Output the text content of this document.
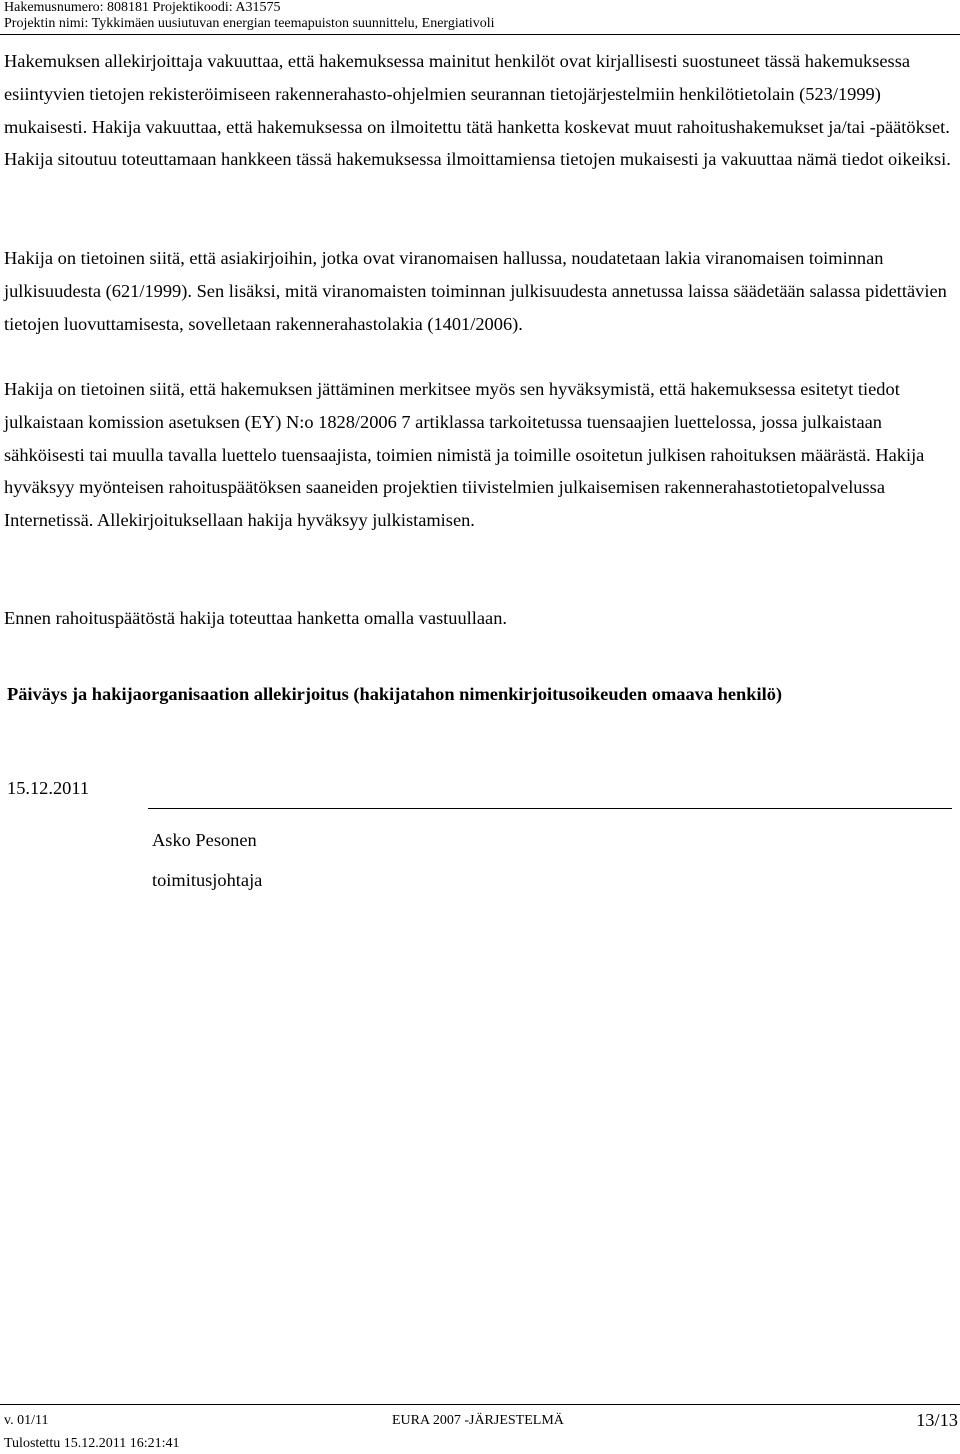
Hakemusnumero: 808181 Projektikoodi: A31575
Projektin nimi: Tykkimäen uusiutuvan energian teemapuiston suunnittelu, Energiativoli
Hakemuksen allekirjoittaja vakuuttaa, että hakemuksessa mainitut henkilöt ovat kirjallisesti suostuneet tässä hakemuksessa esiintyvien tietojen rekisteröimiseen rakennerahasto-ohjelmien seurannan tietojärjestelmiin henkilötietolain (523/1999) mukaisesti. Hakija vakuuttaa, että hakemuksessa on ilmoitettu tätä hanketta koskevat muut rahoitushakemukset ja/tai -päätökset. Hakija sitoutuu toteuttamaan hankkeen tässä hakemuksessa ilmoittamiensa tietojen mukaisesti ja vakuuttaa nämä tiedot oikeiksi.
Hakija on tietoinen siitä, että asiakirjoihin, jotka ovat viranomaisen hallussa, noudatetaan lakia viranomaisen toiminnan julkisuudesta (621/1999). Sen lisäksi, mitä viranomaisten toiminnan julkisuudesta annetussa laissa säädetään salassa pidettävien tietojen luovuttamisesta, sovelletaan rakennerahastolakia (1401/2006).
Hakija on tietoinen siitä, että hakemuksen jättäminen merkitsee myös sen hyväksymistä, että hakemuksessa esitetyt tiedot julkaistaan komission asetuksen (EY) N:o 1828/2006 7 artiklassa tarkoitetussa tuensaajien luettelossa, jossa julkaistaan sähköisesti tai muulla tavalla luettelo tuensaajista, toimien nimistä ja toimille osoitetun julkisen rahoituksen määrästä. Hakija hyväksyy myönteisen rahoituspäätöksen saaneiden projektien tiivistelmien julkaisemisen rakennerahastotietopalvelussa Internetissä. Allekirjoituksellaan hakija hyväksyy julkistamisen.
Ennen rahoituspäätöstä hakija toteuttaa hanketta omalla vastuullaan.
Päiväys ja hakijaorganisaation allekirjoitus (hakijatahon nimenkirjoitusoikeuden omaava henkilö)
15.12.2011
Asko Pesonen
toimitusjohtaja
v. 01/11	EURA 2007 -JÄRJESTELMÄ	13/13
Tulostettu 15.12.2011 16:21:41
